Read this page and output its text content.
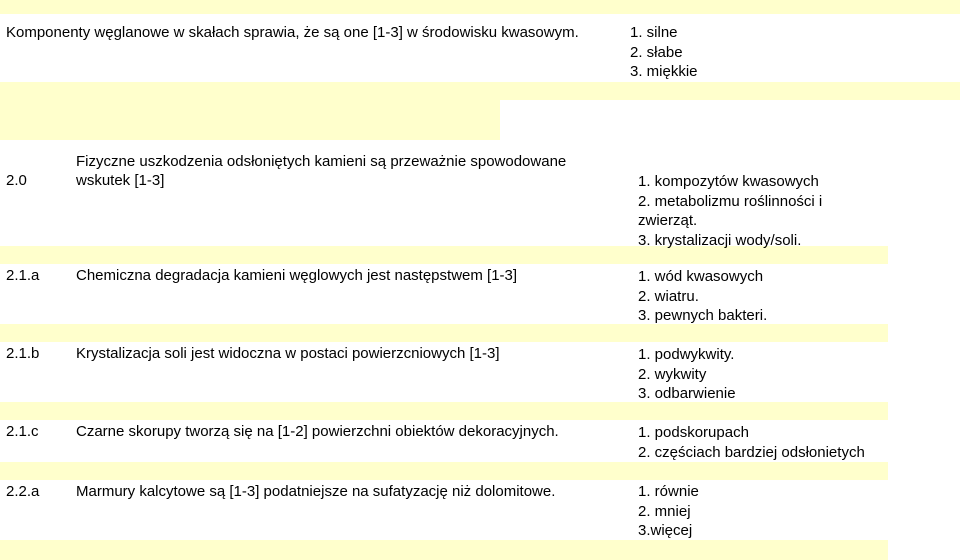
Komponenty węglanowe w skałach sprawia, że są one [1-3] w środowisku kwasowym.	1. silne
2. słabe
3. miękkie
2.0
Fizyczne uszkodzenia odsłoniętych kamieni są przeważnie spowodowane
wskutek [1-3]	1. kompozytów kwasowych
2. metabolizmu roślinności i
zwierząt.
3. krystalizacji wody/soli.
2.1.a Chemiczna degradacja kamieni węglowych jest następstwem [1-3]	1. wód kwasowych
2. wiatru.
3. pewnych bakteri.
2.1.b Krystalizacja soli jest widoczna w postaci powierzcniowych [1-3]	1. podwykwity.
2. wykwity
3. odbarwienie
2.1.c Czarne skorupy tworzą się na [1-2] powierzchni obiektów dekoracyjnych.	1. podskorupach
2. częściach bardziej odsłonietych
2.2.a Marmury kalcytowe są [1-3] podatniejsze na sufatyzację niż dolomitowe.	1. równie
2. mniej
3.więcej
